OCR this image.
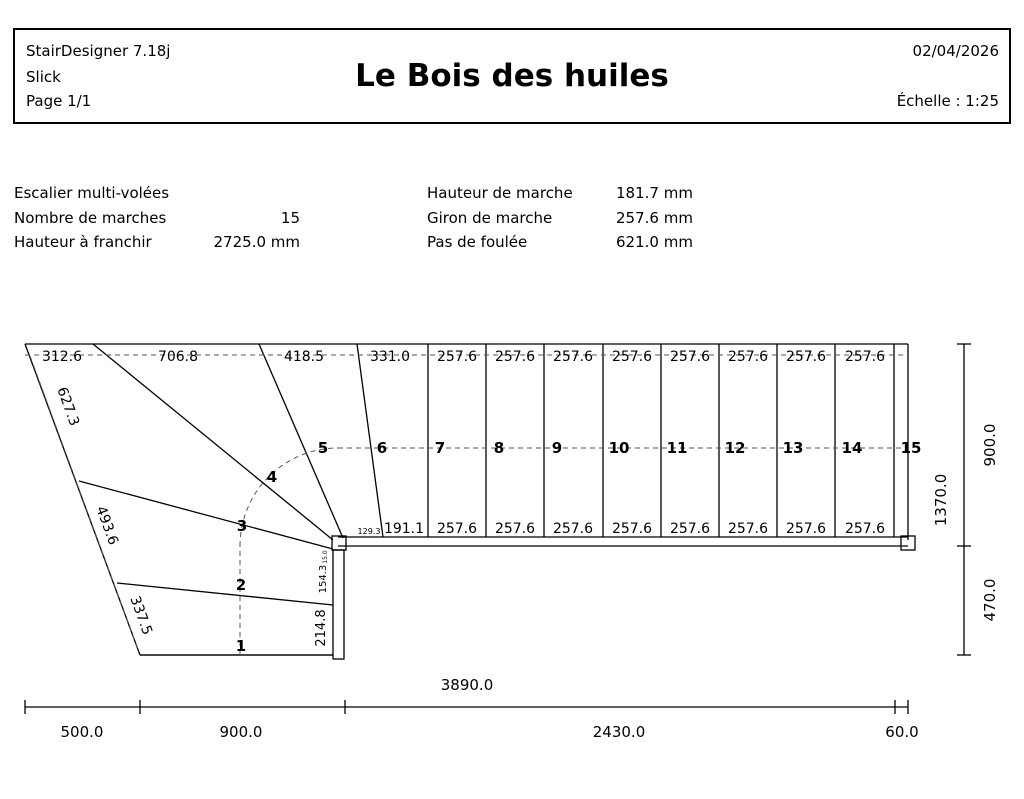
StairDesigner 7.18j
Slick
Page 1/1
Le Bois des huiles
02/04/2026
Échelle : 1:25
Escalier multi-volées
Nombre de marches	15
Hauteur à franchir	2725.0 mm
Hauteur de marche	181.7 mm
Giron de marche	257.6 mm
Pas de foulée	621.0 mm
312.6	706.8	418.5	331.0 257.6 257.6 257.6 257.6 257.6 257.6 257.6 257.6
129.3 191.1 257.6 257.6 257.6 257.6 257.6 257.6 257.6 257.6
627.3
493.6
337.5	214.8
154.3
15.0
1
2
3
4
5	6	7	8	9	10 11 12 13	14	15
3890.0
500.0	900.0	2430.0	60.0
900.0
470.0
1370.0
